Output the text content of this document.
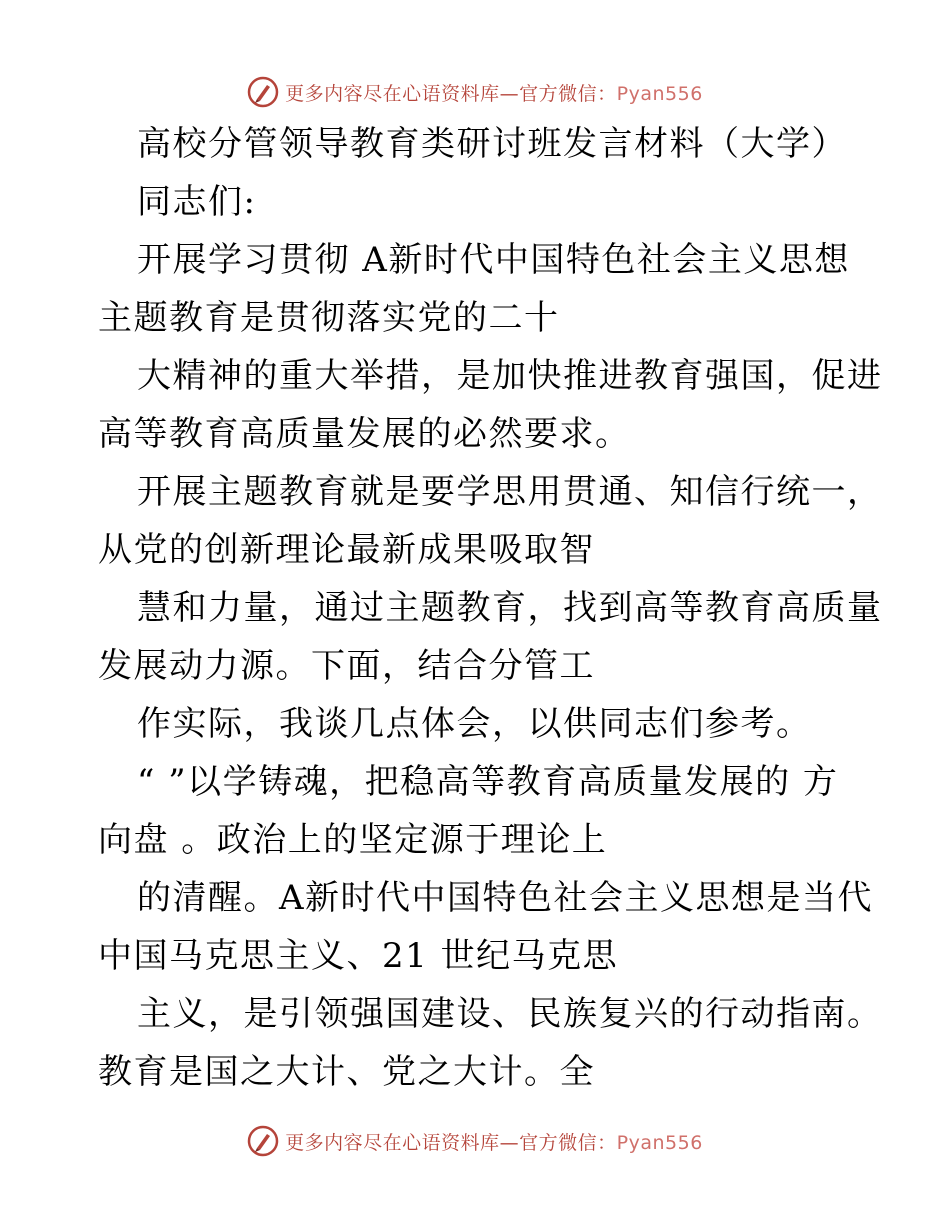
更多内容尽在心语资料库—官方微信：Pyan556
高校分管领导教育类研讨班发言材料（大学）
同志们:
开展学习贯彻 A新时代中国特色社会主义思想
主题教育是贯彻落实党的二十
大精神的重大举措，是加快推进教育强国，促进
高等教育高质量发展的必然要求。
开展主题教育就是要学思用贯通、知信行统一，
从党的创新理论最新成果吸取智
慧和力量，通过主题教育，找到高等教育高质量
发展动力源。下面，结合分管工
作实际，我谈几点体会，以供同志们参考。
“ ”以学铸魂，把稳高等教育高质量发展的 方
向盘 。政治上的坚定源于理论上
的清醒。A新时代中国特色社会主义思想是当代
中国马克思主义、21 世纪马克思
主义，是引领强国建设、民族复兴的行动指南。
教育是国之大计、党之大计。全
更多内容尽在心语资料库—官方微信：Pyan556
